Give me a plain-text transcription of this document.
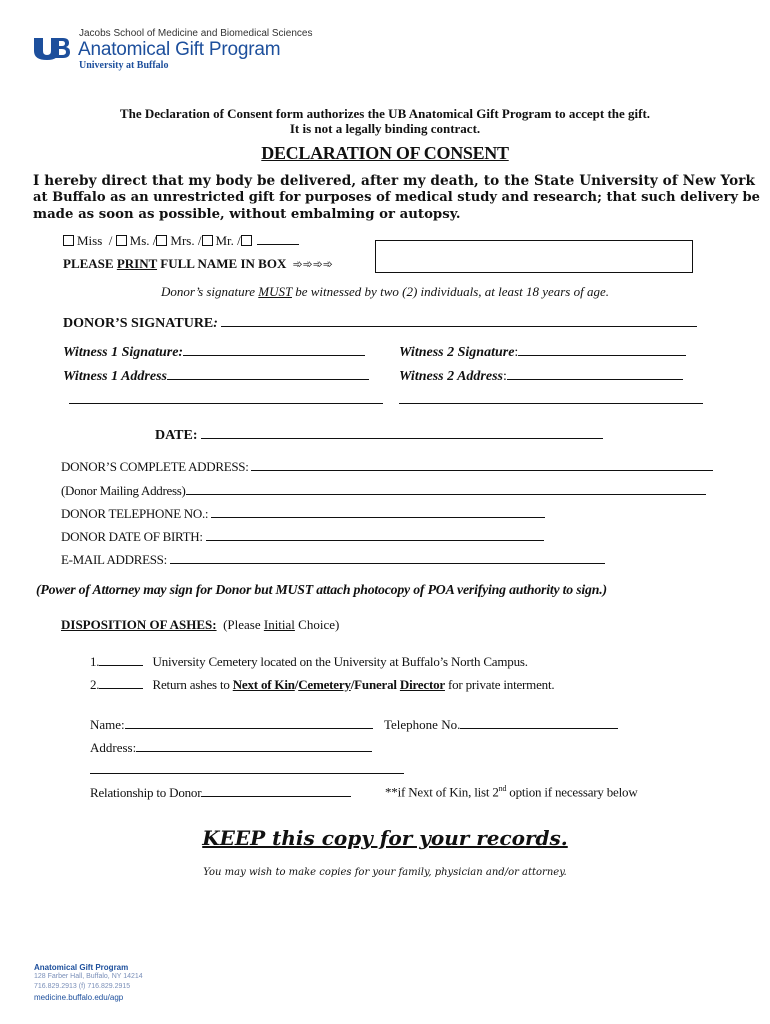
Jacobs School of Medicine and Biomedical Sciences
Anatomical Gift Program
University at Buffalo
The Declaration of Consent form authorizes the UB Anatomical Gift Program to accept the gift.
It is not a legally binding contract.
DECLARATION OF CONSENT
I hereby direct that my body be delivered, after my death, to the State University of New York
at Buffalo as an unrestricted gift for purposes of medical study and research; that such delivery be
made as soon as possible, without embalming or autopsy.
Miss / Ms. / Mrs. / Mr. /
PLEASE PRINT FULL NAME IN BOX ➾➾➾➾
Donor’s signature MUST be witnessed by two (2) individuals, at least 18 years of age.
DONOR’S SIGNATURE:
Witness 1 Signature:	Witness 2 Signature:
Witness 1 Address	Witness 2 Address:
DATE:
DONOR’S COMPLETE ADDRESS:
(Donor Mailing Address)
DONOR TELEPHONE NO.:
DONOR DATE OF BIRTH:
E-MAIL ADDRESS:
(Power of Attorney may sign for Donor but MUST attach photocopy of POA verifying authority to sign.)
DISPOSITION OF ASHES: (Please Initial Choice)
1.	University Cemetery located on the University at Buffalo’s North Campus.
2.	Return ashes to Next of Kin/Cemetery/Funeral Director for private interment.
Name:	Telephone No.
Address:
Relationship to Donor	**if Next of Kin, list 2nd option if necessary below
KEEP this copy for your records.
You may wish to make copies for your family, physician and/or attorney.
Anatomical Gift Program
128 Farber Hall, Buffalo, NY 14214
716.829.2913 (f) 716.829.2915
medicine.buffalo.edu/agp
